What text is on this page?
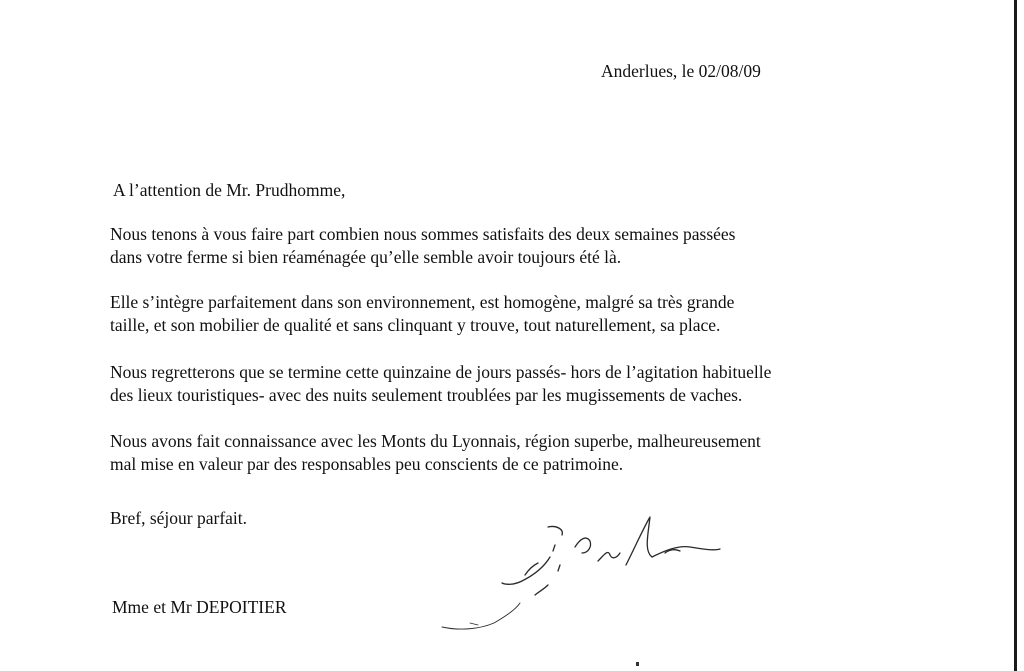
Anderlues, le 02/08/09
A l’attention de Mr. Prudhomme,
Nous tenons à vous faire part combien nous sommes satisfaits des deux semaines passées
dans votre ferme si bien réaménagée qu’elle semble avoir toujours été là.
Elle s’intègre parfaitement dans son environnement, est homogène, malgré sa très grande
taille, et son mobilier de qualité et sans clinquant y trouve, tout naturellement, sa place.
Nous regretterons que se termine cette quinzaine de jours passés- hors de l’agitation habituelle
des lieux touristiques- avec des nuits seulement troublées par les mugissements de vaches.
Nous avons fait connaissance avec les Monts du Lyonnais, région superbe, malheureusement
mal mise en valeur par des responsables peu conscients de ce patrimoine.
Bref, séjour parfait.
Mme et Mr DEPOITIER
